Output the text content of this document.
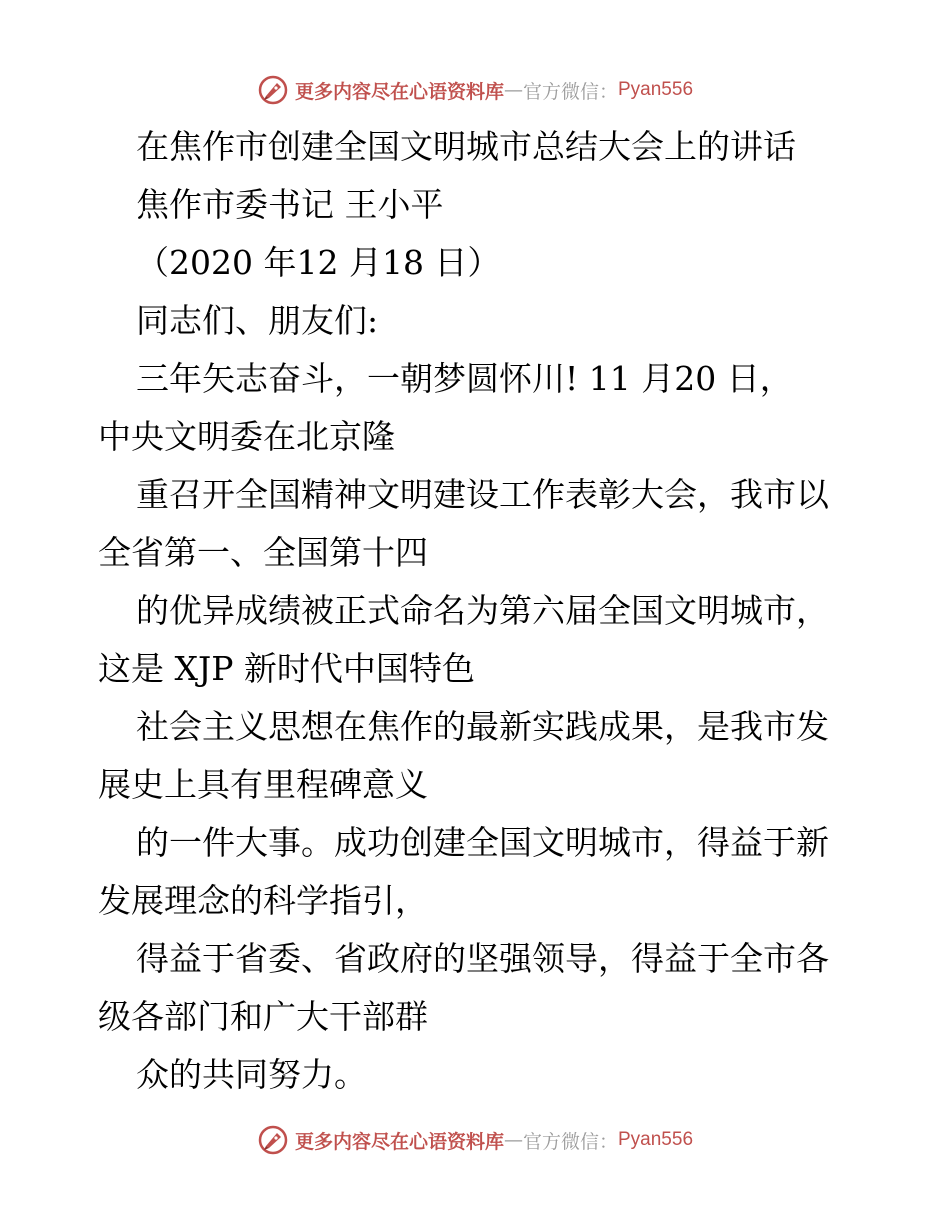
更多内容尽在心语资料库 — 官方微信： Pyan556
在焦作市创建全国文明城市总结大会上的讲话
焦作市委书记 王小平
（2020 年12 月18 日）
同志们、朋友们:
三年矢志奋斗，一朝梦圆怀川! 11 月20 日，
中央文明委在北京隆
重召开全国精神文明建设工作表彰大会，我市以
全省第一、全国第十四
的优异成绩被正式命名为第六届全国文明城市，
这是 XJP 新时代中国特色
社会主义思想在焦作的最新实践成果，是我市发
展史上具有里程碑意义
的一件大事。成功创建全国文明城市，得益于新
发展理念的科学指引，
得益于省委、省政府的坚强领导，得益于全市各
级各部门和广大干部群
众的共同努力。
更多内容尽在心语资料库 — 官方微信： Pyan556
